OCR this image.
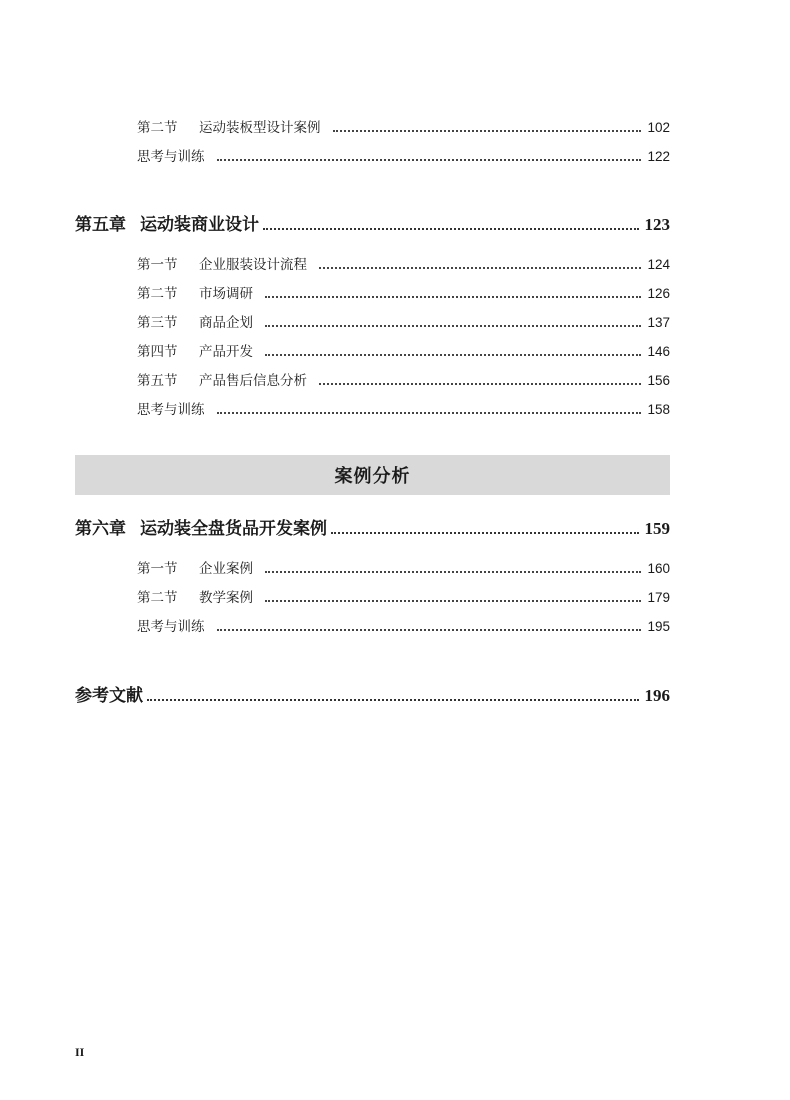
第二节	运动装板型设计案例	102
思考与训练	122
第五章 运动装商业设计	123
第一节	企业服装设计流程	124
第二节	市场调研	126
第三节	商品企划	137
第四节	产品开发	146
第五节	产品售后信息分析	156
思考与训练	158
案例分析
第六章 运动装全盘货品开发案例	159
第一节	企业案例	160
第二节	教学案例	179
思考与训练	195
参考文献	196
II
